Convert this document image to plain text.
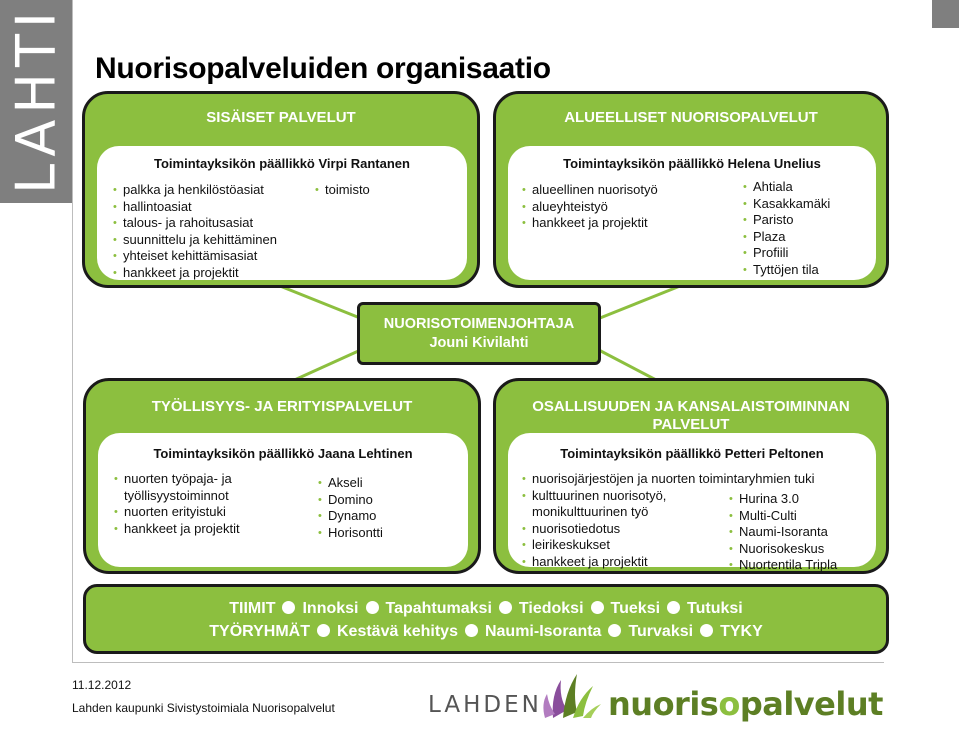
LAHTI Nuorisopalveluiden organisaatio
SISÄISET PALVELUT
Toimintayksikön päällikkö Virpi Rantanen
• palkka ja henkilöstöasiat
• hallintoasiat
• talous- ja rahoitusasiat
• suunnittelu ja kehittäminen
• yhteiset kehittämisasiat
• hankkeet ja projektit
• toimisto
ALUEELLISET NUORISOPALVELUT
Toimintayksikön päällikkö Helena Unelius
• alueellinen nuorisotyö
• alueyhteistyö
• hankkeet ja projektit
• Ahtiala
• Kasakkamäki
• Paristo
• Plaza
• Profiili
• Tyttöjen tila
NUORISOTOIMENJOHTAJA
Jouni Kivilahti
TYÖLLISYYS- JA ERITYISPALVELUT
Toimintayksikön päällikkö Jaana Lehtinen
• nuorten työpaja- ja
työllisyystoiminnot
• nuorten erityistuki
• hankkeet ja projektit
• Akseli
• Domino
• Dynamo
• Horisontti
OSALLISUUDEN JA KANSALAISTOIMINNAN
PALVELUT
Toimintayksikön päällikkö Petteri Peltonen
• nuorisojärjestöjen ja nuorten toimintaryhmien tuki
• kulttuurinen nuorisotyö,
monikulttuurinen työ
• nuorisotiedotus
• leirikeskukset
• hankkeet ja projektit
• Hurina 3.0
• Multi-Culti
• Naumi-Isoranta
• Nuorisokeskus
• Nuortentila Tripla
TIIMIT Innoksi Tapahtumaksi Tiedoksi Tueksi Tutuksi
TYÖRYHMÄT Kestävä kehitys Naumi-Isoranta Turvaksi TYKY
11.12.2012
Lahden kaupunki Sivistystoimiala Nuorisopalvelut	LAHDEN nuorisopalvelut
